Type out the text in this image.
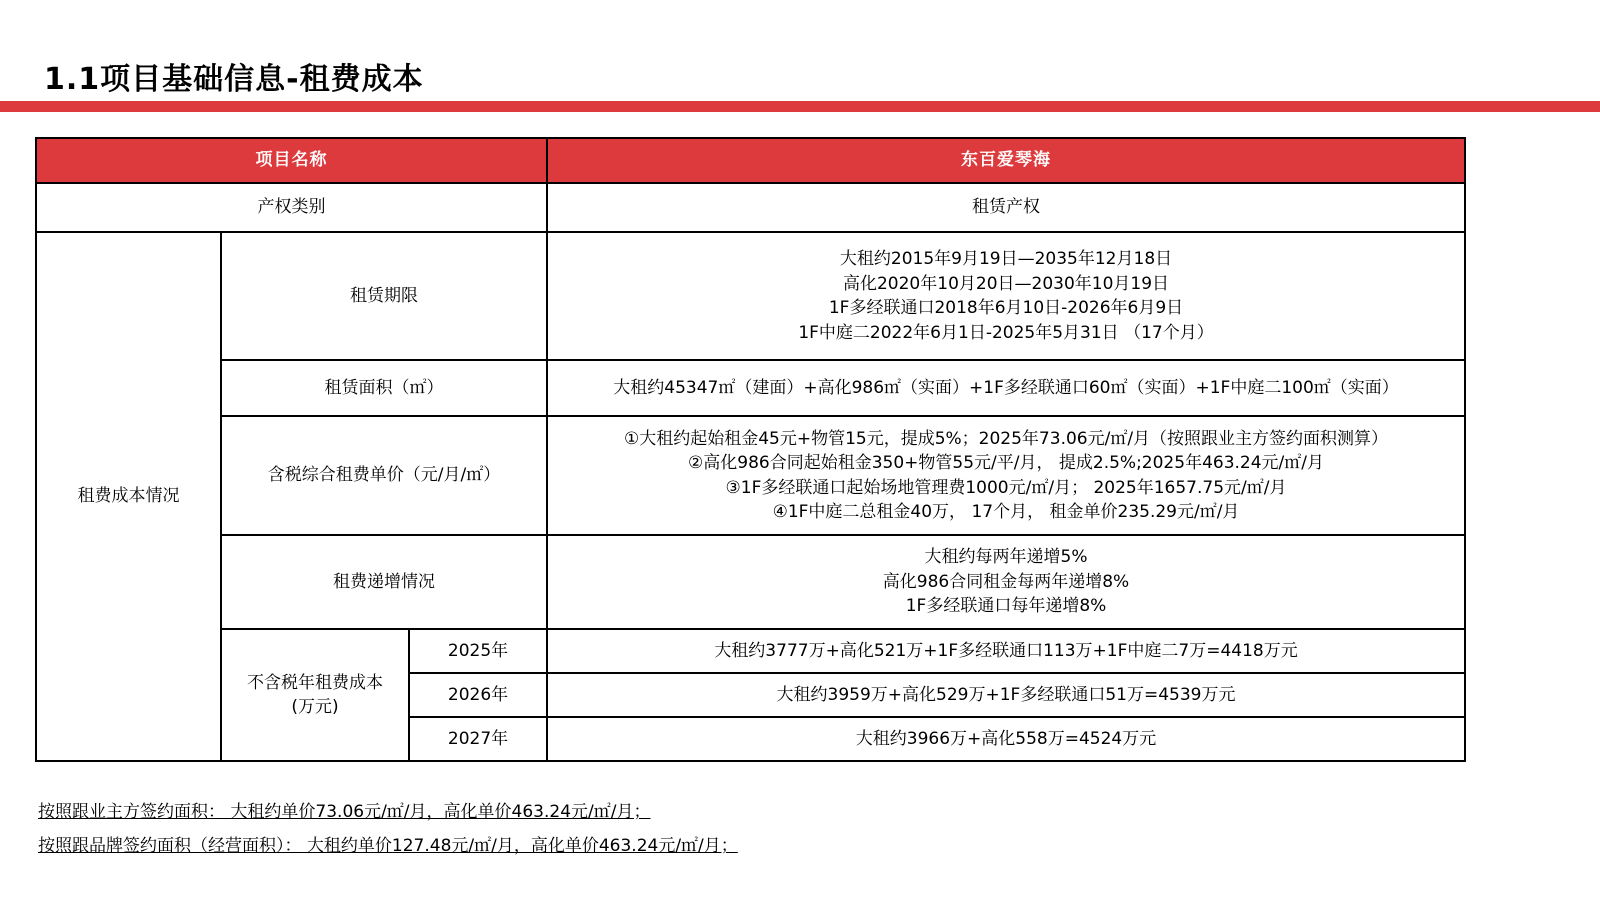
1.1项目基础信息-租费成本
项目名称			东百爱琴海
产权类别			租赁产权
租费成本情况	租赁期限		大租约2015年9月19日—2035年12月18日
高化2020年10月20日—2030年10月19日
1F多经联通口2018年6月10日-2026年6月9日
1F中庭二2022年6月1日-2025年5月31日 （17个月）

	租赁面积（㎡）		大租约45347㎡（建面）+高化986㎡（实面）+1F多经联通口60㎡（实面）+1F中庭二100㎡（实面）

	含税综合租费单价（元/月/㎡）		①大租约起始租金45元+物管15元，提成5%；2025年73.06元/㎡/月（按照跟业主方签约面积测算）
②高化986合同起始租金350+物管55元/平/月， 提成2.5%;2025年463.24元/㎡/月
③1F多经联通口起始场地管理费1000元/㎡/月； 2025年1657.75元/㎡/月
④1F中庭二总租金40万， 17个月， 租金单价235.29元/㎡/月

	租费递增情况		大租约每两年递增5%
高化986合同租金每两年递增8%
1F多经联通口每年递增8%

	不含税年租费成本
(万元)	2025年	大租约3777万+高化521万+1F多经联通口113万+1F中庭二7万=4418万元
		2026年	大租约3959万+高化529万+1F多经联通口51万=4539万元
		2027年	大租约3966万+高化558万=4524万元
按照跟业主方签约面积： 大租约单价73.06元/㎡/月，高化单价463.24元/㎡/月；
按照跟品牌签约面积（经营面积）： 大租约单价127.48元/㎡/月，高化单价463.24元/㎡/月；
